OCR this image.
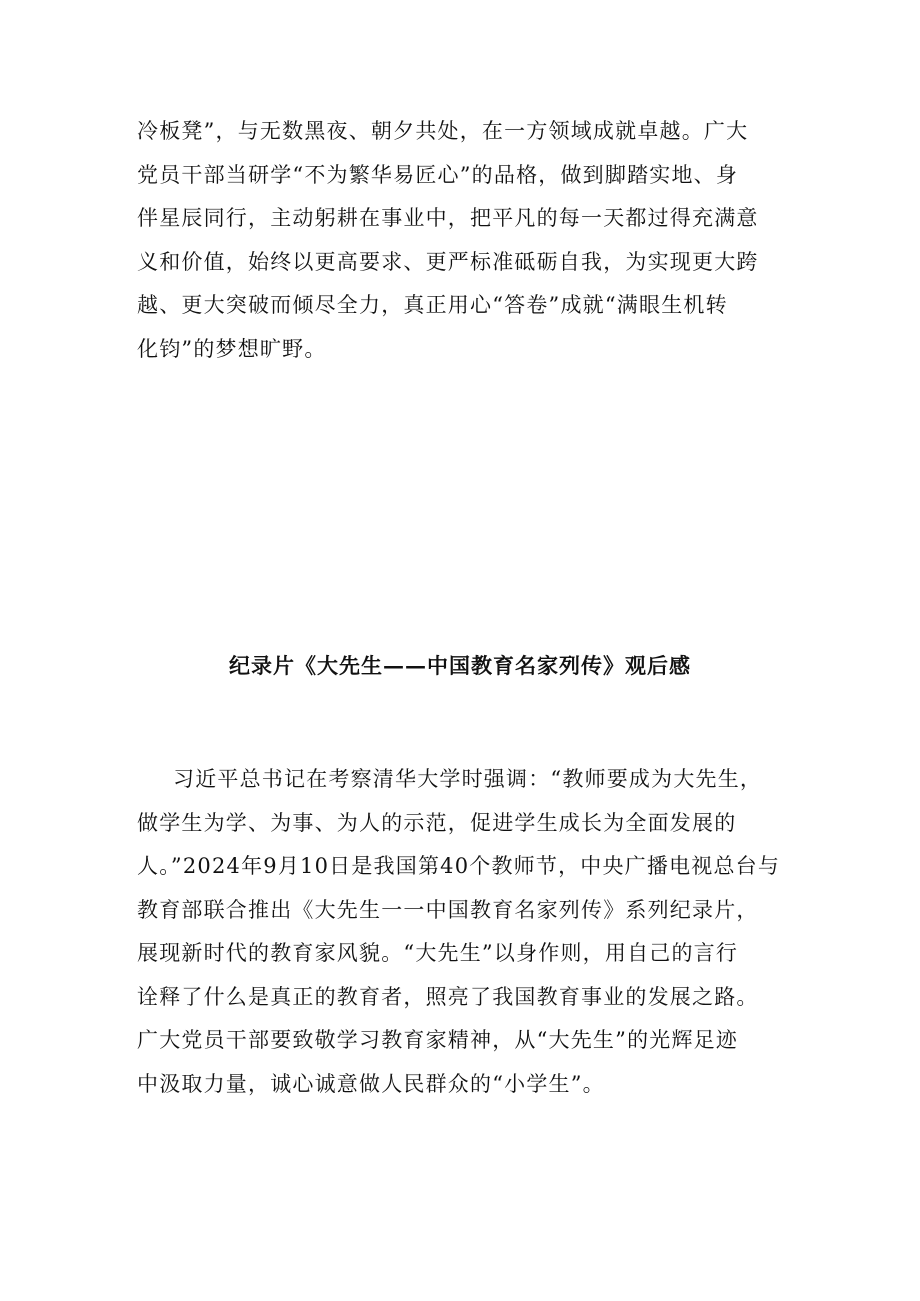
冷板凳”，与无数黑夜、朝夕共处，在一方领域成就卓越。广大
党员干部当研学“不为繁华易匠心”的品格，做到脚踏实地、身
伴星辰同行，主动躬耕在事业中，把平凡的每一天都过得充满意
义和价值，始终以更高要求、更严标准砥砺自我，为实现更大跨
越、更大突破而倾尽全力，真正用心“答卷”成就“满眼生机转
化钧”的梦想旷野。

纪录片《大先生——中国教育名家列传》观后感

习近平总书记在考察清华大学时强调：“教师要成为大先生，
做学生为学、为事、为人的示范，促进学生成长为全面发展的
人。”2024年9月10日是我国第40个教师节，中央广播电视总台与
教育部联合推出《大先生一一中国教育名家列传》系列纪录片，
展现新时代的教育家风貌。“大先生”以身作则，用自己的言行
诠释了什么是真正的教育者，照亮了我国教育事业的发展之路。
广大党员干部要致敬学习教育家精神，从“大先生”的光辉足迹
中汲取力量，诚心诚意做人民群众的“小学生”。
